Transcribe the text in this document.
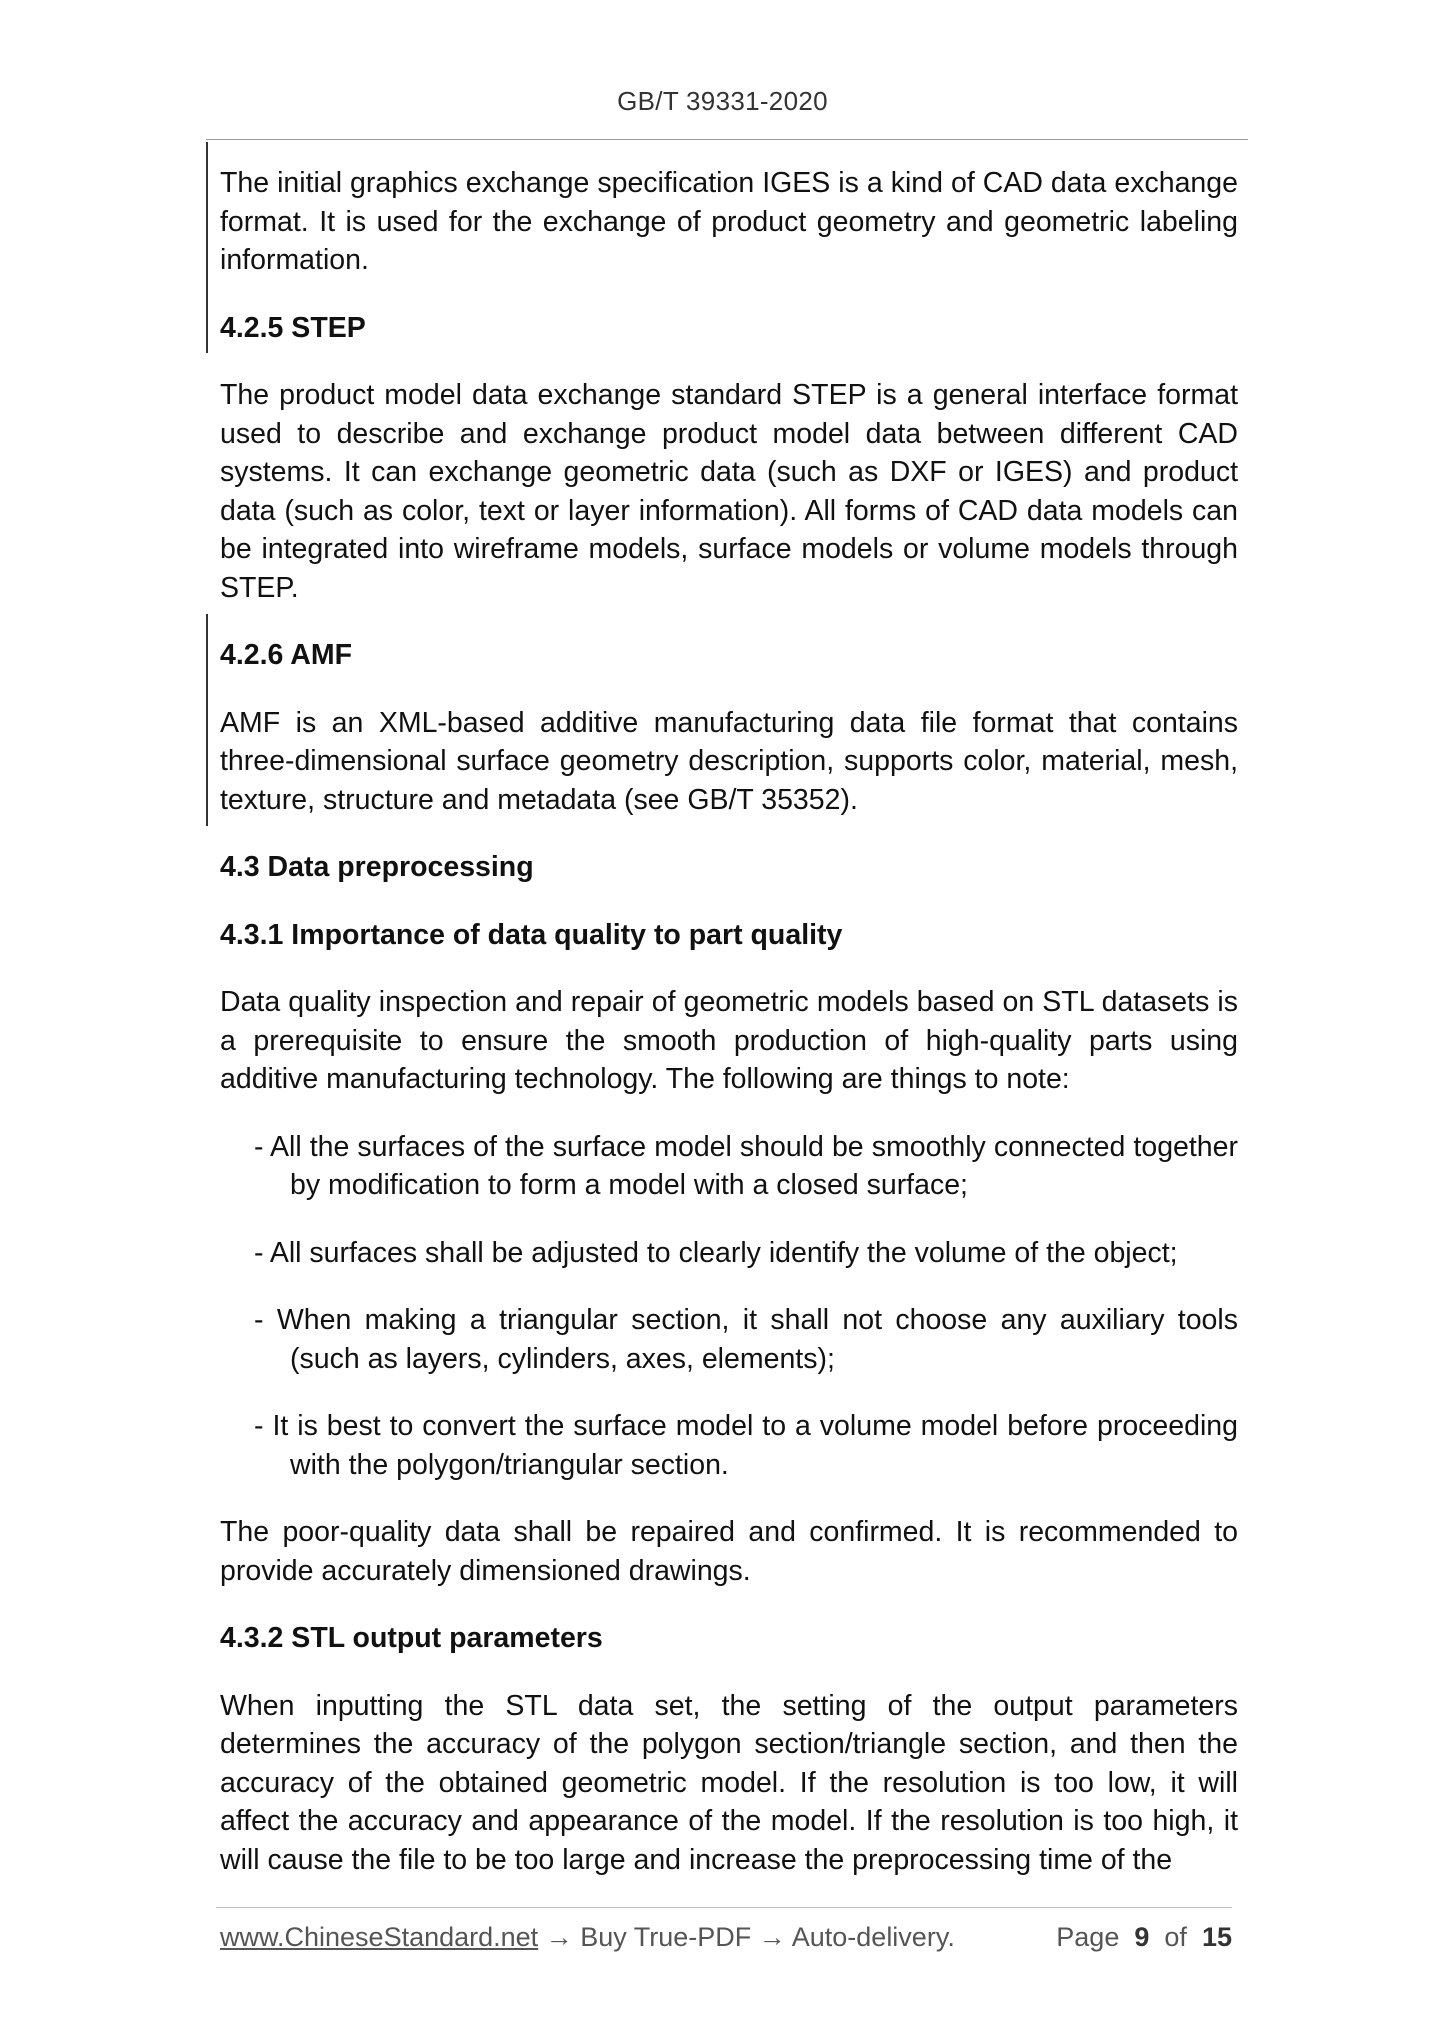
GB/T 39331-2020

The initial graphics exchange specification IGES is a kind of CAD data exchange format. It is used for the exchange of product geometry and geometric labeling information.

4.2.5 STEP

The product model data exchange standard STEP is a general interface format used to describe and exchange product model data between different CAD systems. It can exchange geometric data (such as DXF or IGES) and product data (such as color, text or layer information). All forms of CAD data models can be integrated into wireframe models, surface models or volume models through STEP.

4.2.6 AMF

AMF is an XML-based additive manufacturing data file format that contains three-dimensional surface geometry description, supports color, material, mesh, texture, structure and metadata (see GB/T 35352).

4.3 Data preprocessing
4.3.1 Importance of data quality to part quality

Data quality inspection and repair of geometric models based on STL datasets is a prerequisite to ensure the smooth production of high-quality parts using additive manufacturing technology. The following are things to note:

- All the surfaces of the surface model should be smoothly connected together by modification to form a model with a closed surface;
- All surfaces shall be adjusted to clearly identify the volume of the object;
- When making a triangular section, it shall not choose any auxiliary tools (such as layers, cylinders, axes, elements);
- It is best to convert the surface model to a volume model before proceeding with the polygon/triangular section.

The poor-quality data shall be repaired and confirmed. It is recommended to provide accurately dimensioned drawings.

4.3.2 STL output parameters

When inputting the STL data set, the setting of the output parameters determines the accuracy of the polygon section/triangle section, and then the accuracy of the obtained geometric model. If the resolution is too low, it will affect the accuracy and appearance of the model. If the resolution is too high, it will cause the file to be too large and increase the preprocessing time of the

www.ChineseStandard.net → Buy True-PDF → Auto-delivery.	Page 9 of 15
